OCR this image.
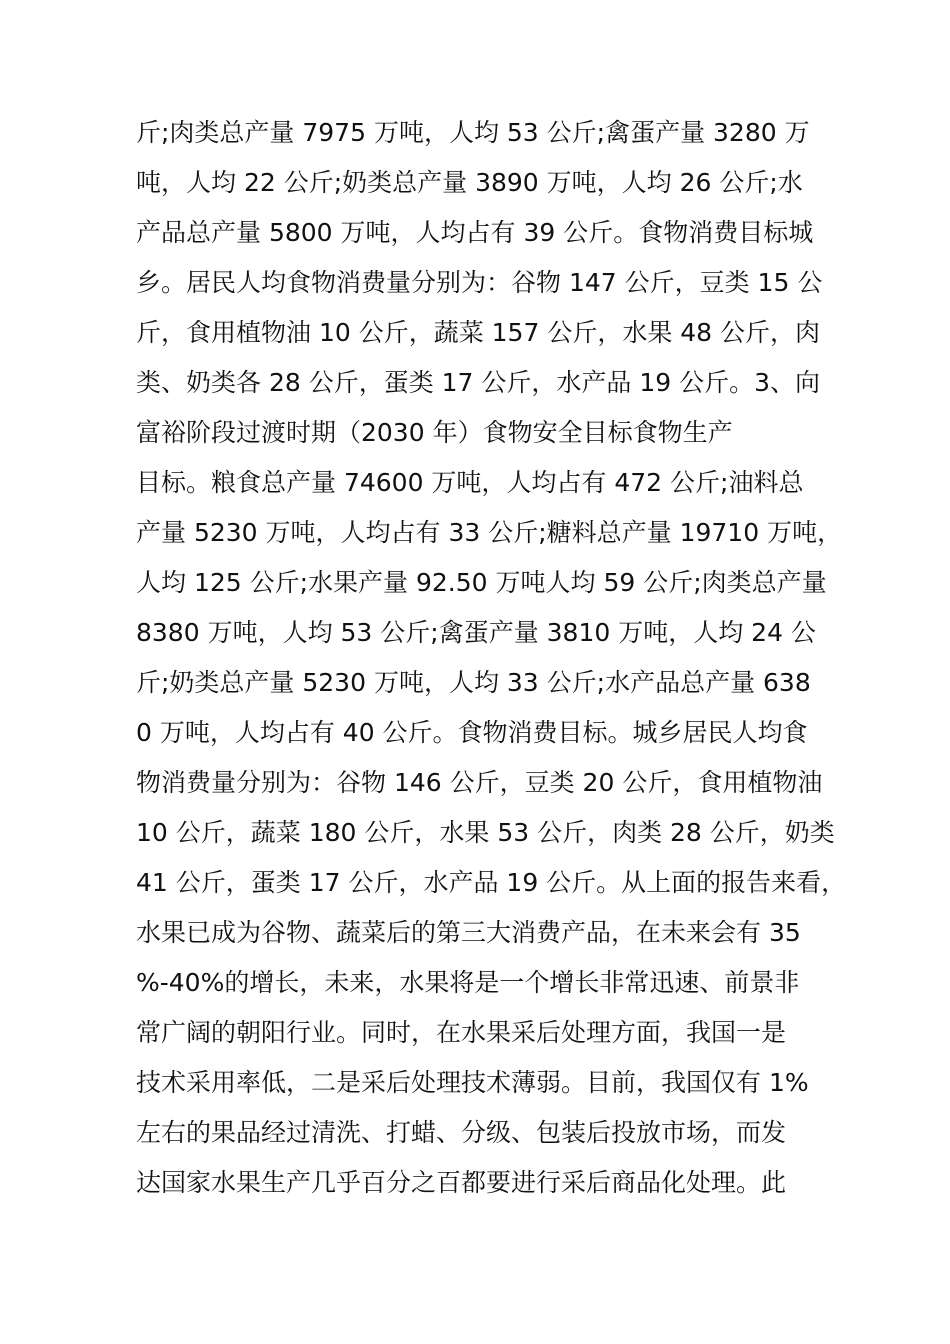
斤;肉类总产量 7975 万吨，人均 53 公斤;禽蛋产量 3280 万
吨，人均 22 公斤;奶类总产量 3890 万吨，人均 26 公斤;水
产品总产量 5800 万吨，人均占有 39 公斤。食物消费目标城
乡。居民人均食物消费量分别为：谷物 147 公斤，豆类 15 公
斤，食用植物油 10 公斤，蔬菜 157 公斤，水果 48 公斤，肉
类、奶类各 28 公斤，蛋类 17 公斤，水产品 19 公斤。3、向
富裕阶段过渡时期（2030 年）食物安全目标食物生产
目标。粮食总产量 74600 万吨，人均占有 472 公斤;油料总
产量 5230 万吨，人均占有 33 公斤;糖料总产量 19710 万吨，
人均 125 公斤;水果产量 92.50 万吨人均 59 公斤;肉类总产量
8380 万吨，人均 53 公斤;禽蛋产量 3810 万吨，人均 24 公
斤;奶类总产量 5230 万吨，人均 33 公斤;水产品总产量 638
0 万吨，人均占有 40 公斤。食物消费目标。城乡居民人均食
物消费量分别为：谷物 146 公斤，豆类 20 公斤，食用植物油
10 公斤，蔬菜 180 公斤，水果 53 公斤，肉类 28 公斤，奶类
41 公斤，蛋类 17 公斤，水产品 19 公斤。从上面的报告来看，
水果已成为谷物、蔬菜后的第三大消费产品，在未来会有 35
%-40%的增长，未来，水果将是一个增长非常迅速、前景非
常广阔的朝阳行业。同时，在水果采后处理方面，我国一是
技术采用率低，二是采后处理技术薄弱。目前，我国仅有 1%
左右的果品经过清洗、打蜡、分级、包装后投放市场，而发
达国家水果生产几乎百分之百都要进行采后商品化处理。此
